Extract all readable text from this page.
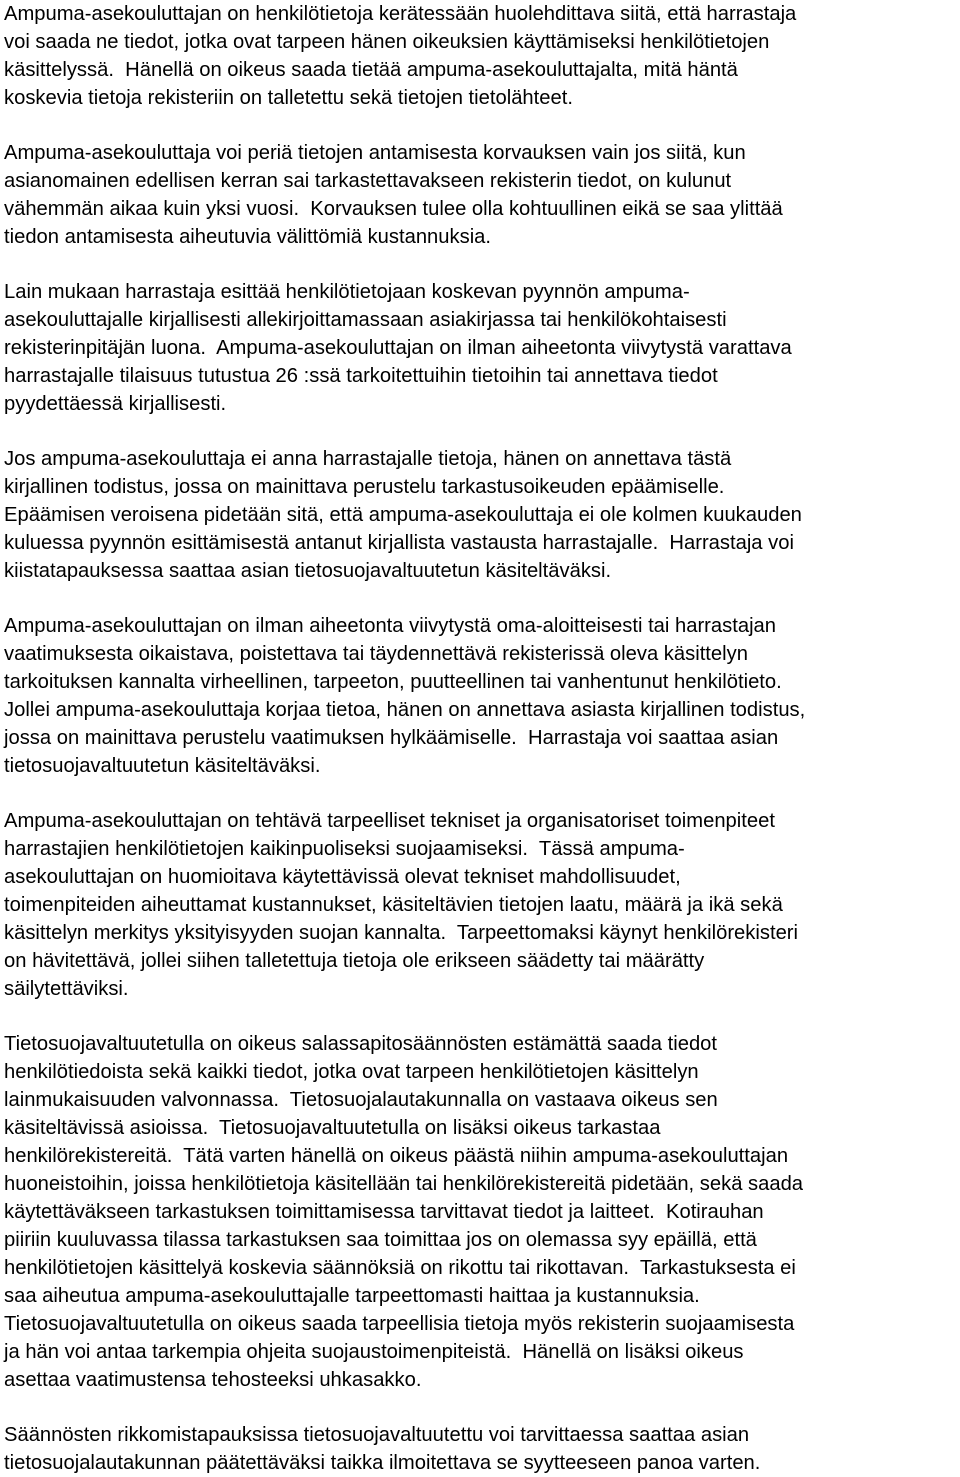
Ampuma-asekouluttajan on henkilötietoja kerätessään huolehdittava siitä, että harrastaja
voi saada ne tiedot, jotka ovat tarpeen hänen oikeuksien käyttämiseksi henkilötietojen
käsittelyssä.  Hänellä on oikeus saada tietää ampuma-asekouluttajalta, mitä häntä
koskevia tietoja rekisteriin on talletettu sekä tietojen tietolähteet.
Ampuma-asekouluttaja voi periä tietojen antamisesta korvauksen vain jos siitä, kun
asianomainen edellisen kerran sai tarkastettavakseen rekisterin tiedot, on kulunut
vähemmän aikaa kuin yksi vuosi.  Korvauksen tulee olla kohtuullinen eikä se saa ylittää
tiedon antamisesta aiheutuvia välittömiä kustannuksia.
Lain mukaan harrastaja esittää henkilötietojaan koskevan pyynnön ampuma-
asekouluttajalle kirjallisesti allekirjoittamassaan asiakirjassa tai henkilökohtaisesti
rekisterinpitäjän luona.  Ampuma-asekouluttajan on ilman aiheetonta viivytystä varattava
harrastajalle tilaisuus tutustua 26 :ssä tarkoitettuihin tietoihin tai annettava tiedot
pyydettäessä kirjallisesti.
Jos ampuma-asekouluttaja ei anna harrastajalle tietoja, hänen on annettava tästä
kirjallinen todistus, jossa on mainittava perustelu tarkastusoikeuden epäämiselle.
Epäämisen veroisena pidetään sitä, että ampuma-asekouluttaja ei ole kolmen kuukauden
kuluessa pyynnön esittämisestä antanut kirjallista vastausta harrastajalle.  Harrastaja voi
kiistatapauksessa saattaa asian tietosuojavaltuutetun käsiteltäväksi.
Ampuma-asekouluttajan on ilman aiheetonta viivytystä oma-aloitteisesti tai harrastajan
vaatimuksesta oikaistava, poistettava tai täydennettävä rekisterissä oleva käsittelyn
tarkoituksen kannalta virheellinen, tarpeeton, puutteellinen tai vanhentunut henkilötieto.
Jollei ampuma-asekouluttaja korjaa tietoa, hänen on annettava asiasta kirjallinen todistus,
jossa on mainittava perustelu vaatimuksen hylkäämiselle.  Harrastaja voi saattaa asian
tietosuojavaltuutetun käsiteltäväksi.
Ampuma-asekouluttajan on tehtävä tarpeelliset tekniset ja organisatoriset toimenpiteet
harrastajien henkilötietojen kaikinpuoliseksi suojaamiseksi.  Tässä ampuma-
asekouluttajan on huomioitava käytettävissä olevat tekniset mahdollisuudet,
toimenpiteiden aiheuttamat kustannukset, käsiteltävien tietojen laatu, määrä ja ikä sekä
käsittelyn merkitys yksityisyyden suojan kannalta.  Tarpeettomaksi käynyt henkilörekisteri
on hävitettävä, jollei siihen talletettuja tietoja ole erikseen säädetty tai määrätty
säilytettäviksi.
Tietosuojavaltuutetulla on oikeus salassapitosäännösten estämättä saada tiedot
henkilötiedoista sekä kaikki tiedot, jotka ovat tarpeen henkilötietojen käsittelyn
lainmukaisuuden valvonnassa.  Tietosuojalautakunnalla on vastaava oikeus sen
käsiteltävissä asioissa.  Tietosuojavaltuutetulla on lisäksi oikeus tarkastaa
henkilörekistereitä.  Tätä varten hänellä on oikeus päästä niihin ampuma-asekouluttajan
huoneistoihin, joissa henkilötietoja käsitellään tai henkilörekistereitä pidetään, sekä saada
käytettäväkseen tarkastuksen toimittamisessa tarvittavat tiedot ja laitteet.  Kotirauhan
piiriin kuuluvassa tilassa tarkastuksen saa toimittaa jos on olemassa syy epäillä, että
henkilötietojen käsittelyä koskevia säännöksiä on rikottu tai rikottavan.  Tarkastuksesta ei
saa aiheutua ampuma-asekouluttajalle tarpeettomasti haittaa ja kustannuksia.
Tietosuojavaltuutetulla on oikeus saada tarpeellisia tietoja myös rekisterin suojaamisesta
ja hän voi antaa tarkempia ohjeita suojaustoimenpiteistä.  Hänellä on lisäksi oikeus
asettaa vaatimustensa tehosteeksi uhkasakko.
Säännösten rikkomistapauksissa tietosuojavaltuutettu voi tarvittaessa saattaa asian
tietosuojalautakunnan päätettäväksi taikka ilmoitettava se syytteeseen panoa varten.
